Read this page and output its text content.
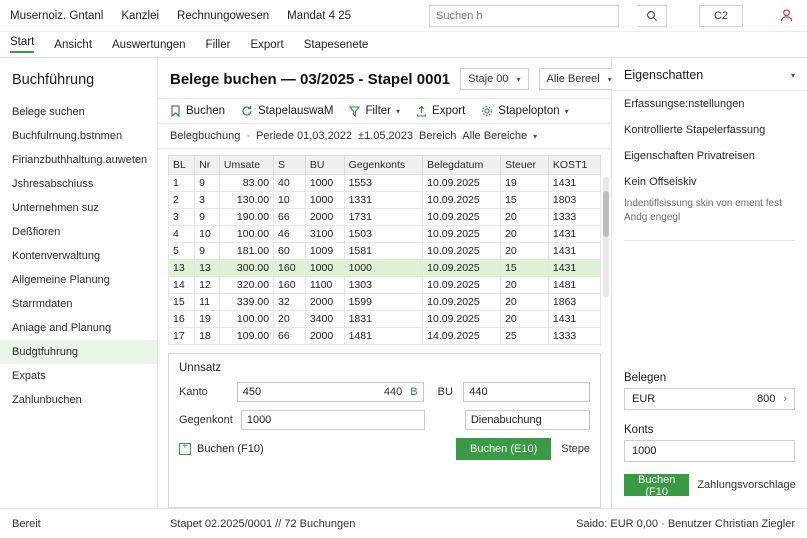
Musernoiz. Gntanl Kanzlei Rechnungowesen Mandat 4 25	Suchen h	C2
Start Ansicht Auswertungen Filler Export Stapesenete
Buchführung
Belege suchen
Buchfulrnung.bstnmen
Firianzbuthhaltung.auweten
Jshresabschiuss
Unternehmen suz
Deßfioren
Kontenverwaltung
Allgemeine Planung
Starrmdaten
Aniage and Planung
Budgtfuhrung
Expats
Zahlunbuchen
Belege buchen — 03/2025 - Stapel 0001 Staje 00 ▾ Alie Bereel ▾
Buchen	StapelauswaM	Filter ▾	Export	Stapelopton ▾
Belegbuchung · Periede 01,03,2022 ±1.05,2023 Bereich Alle Bereiche ▾
BL	Nr	Umsate	S	BU	Gegenkonts	Belegdatum	Steuer	KOST1
1	9	83.00	40	1000	1553	10.09.2025	19	1431
2	3	130.00	10	1000	1331	10.09.2025	15	1803
3	9	190.00	66	2000	1731	10.09.2025	20	1333
4	10	100.00	46	3100	1503	10.09.2025	20	1431
5	9	181.00	60	1009	1581	10.09.2025	20	1431
13	13	300.00	160	1000	1000	10.09.2025	15	1431
14	12	320.00	160	1100	1303	10.09.2025	20	1481
15	11	339.00	32	2000	1599	10.09.2025	20	1863
16	19	100.00	20	3400	1831	10.09.2025	20	1431
17	18	109.00	66	2000	1481	14.09.2025	25	1333
Unnsatz
Kanto	450	440 B BU 440
Gegenkont 1000	Dienabuchung
+
Buchen (F10)	Buchen (E10)	Stepe
Eigenschatten	▾
Erfassungse:nstellungen
Kontrollierte Stapelerfassung
Eigenschaften Privatreisen
Kein Offseiskiv
Indentiflsissung skin von ement fest Andg engegl
Belegen
EUR	800 ›
Konts
1000
Buchen (F10
Zahlungsvorschlage
Bereit	Stapet 02.2025/0001 // 72 Buchungen	Saido: EUR 0,00 · Benutzer Christian Ziegler
